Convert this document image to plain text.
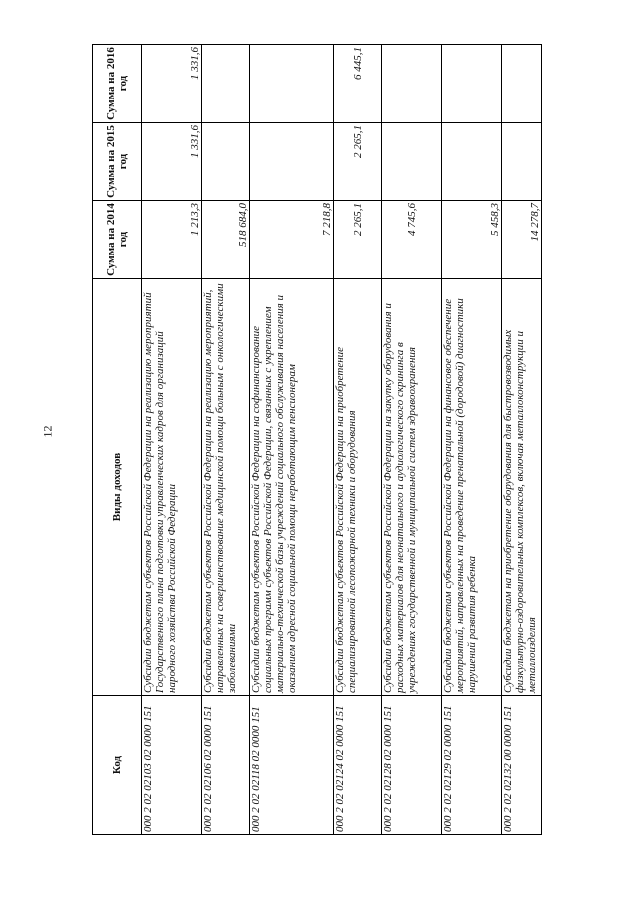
12
Код	Виды доходов	Сумма на 2014 год	Сумма на 2015 год	Сумма на 2016 год
000 2 02 02103 02 0000 151	Субсидии бюджетам субъектов Российской Федерации на реализацию мероприятий Государственного плана подготовки управленческих кадров для организаций народного хозяйства Российской Федерации	1 213,3	1 331,6	1 331,6
000 2 02 02106 02 0000 151	Субсидии бюджетам субъектов Российской Федерации на реализацию мероприятий, направленных на совершенствование медицинской помощи больным с онкологическими заболеваниями	518 684,0		
000 2 02 02118 02 0000 151	Субсидии бюджетам субъектов Российской Федерации на софинансирование социальных программ субъектов Российской Федерации, связанных с укреплением материально-технической базы учреждений социального обслуживания населения и оказанием адресной социальной помощи неработающим пенсионерам	7 218,8		
000 2 02 02124 02 0000 151	Субсидии бюджетам субъектов Российской Федерации на приобретение специализированной лесопожарной техники и оборудования	2 265,1	2 265,1	6 445,1
000 2 02 02128 02 0000 151	Субсидии бюджетам субъектов Российской Федерации на закупку оборудования и расходных материалов для неонатального и аудиологического скрининга в учреждениях государственной и муниципальной систем здравоохранения	4 745,6		
000 2 02 02129 02 0000 151	Субсидии бюджетам субъектов Российской Федерации на финансовое обеспечение мероприятий, направленных на проведение пренатальной (дородовой) диагностики нарушений развития ребенка	5 458,3		
000 2 02 02132 00 0000 151	Субсидии бюджетам на приобретение оборудования для быстровозводимых физкультурно-оздоровительных комплексов, включая металлоконструкции и металлоизделия	14 278,7		
